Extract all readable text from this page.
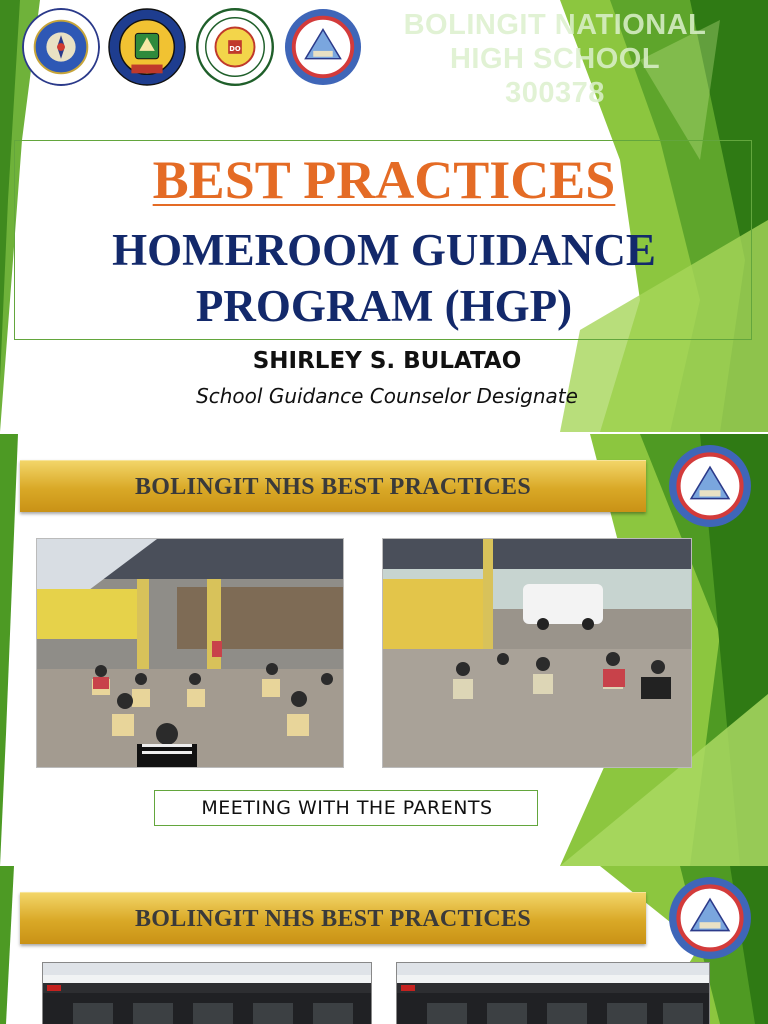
DO
BOLINGIT NATIONAL
HIGH SCHOOL
300378
BEST PRACTICES
HOMEROOM GUIDANCE
PROGRAM (HGP)
SHIRLEY S. BULATAO
School Guidance Counselor Designate
BOLINGIT NHS BEST PRACTICES
MEETING WITH THE PARENTS
BOLINGIT NHS BEST PRACTICES
